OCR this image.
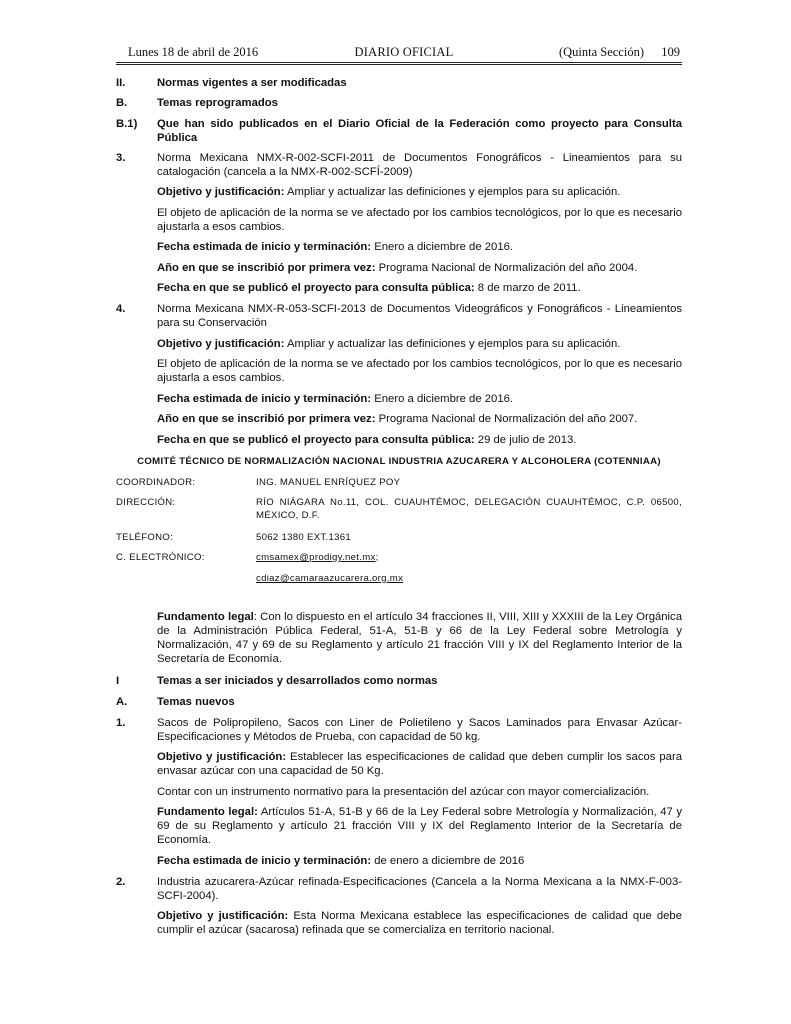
Lunes 18 de abril de 2016	DIARIO OFICIAL	(Quinta Sección) 109
II.	Normas vigentes a ser modificadas
B.	Temas reprogramados
B.1) Que han sido publicados en el Diario Oficial de la Federación como proyecto para Consulta Pública
3.	Norma Mexicana NMX-R-002-SCFI-2011 de Documentos Fonográficos - Lineamientos para su catalogación (cancela a la NMX-R-002-SCFÍ-2009)
Objetivo y justificación: Ampliar y actualizar las definiciones y ejemplos para su aplicación.
El objeto de aplicación de la norma se ve afectado por los cambios tecnológicos, por lo que es necesario ajustarla a esos cambios.
Fecha estimada de inicio y terminación: Enero a diciembre de 2016.
Año en que se inscribió por primera vez: Programa Nacional de Normalización del año 2004.
Fecha en que se publicó el proyecto para consulta pública: 8 de marzo de 2011.
4.	Norma Mexicana NMX-R-053-SCFI-2013 de Documentos Videográficos y Fonográficos - Lineamientos para su Conservación
Objetivo y justificación: Ampliar y actualizar las definiciones y ejemplos para su aplicación.
El objeto de aplicación de la norma se ve afectado por los cambios tecnológicos, por lo que es necesario ajustarla a esos cambios.
Fecha estimada de inicio y terminación: Enero a diciembre de 2016.
Año en que se inscribió por primera vez: Programa Nacional de Normalización del año 2007.
Fecha en que se publicó el proyecto para consulta pública: 29 de julio de 2013.
COMITÉ TÉCNICO DE NORMALIZACIÓN NACIONAL INDUSTRIA AZUCARERA Y ALCOHOLERA (COTENNIAA)
COORDINADOR:	ING. MANUEL ENRÍQUEZ POY
DIRECCIÓN:	RÍO NIÁGARA No.11, COL. CUAUHTÉMOC, DELEGACIÓN CUAUHTÉMOC, C.P. 06500, MÉXICO, D.F.
TELÉFONO:	5062 1380 EXT.1361
C. ELECTRÓNICO:	cmsamex@prodigy.net.mx;
cdiaz@camaraazucarera.org.mx
Fundamento legal: Con lo dispuesto en el artículo 34 fracciones II, VIII, XIII y XXXIII de la Ley Orgánica de la Administración Pública Federal, 51-A, 51-B y 66 de la Ley Federal sobre Metrología y Normalización, 47 y 69 de su Reglamento y artículo 21 fracción VIII y IX del Reglamento Interior de la Secretaría de Economía.
I	Temas a ser iniciados y desarrollados como normas
A.	Temas nuevos
1.	Sacos de Polipropileno, Sacos con Liner de Polietileno y Sacos Laminados para Envasar Azúcar-Especificaciones y Métodos de Prueba, con capacidad de 50 kg.
Objetivo y justificación: Establecer las especificaciones de calidad que deben cumplir los sacos para envasar azúcar con una capacidad de 50 Kg.
Contar con un instrumento normativo para la presentación del azúcar con mayor comercialización.
Fundamento legal: Artículos 51-A, 51-B y 66 de la Ley Federal sobre Metrología y Normalización, 47 y 69 de su Reglamento y artículo 21 fracción VIII y IX del Reglamento Interior de la Secretaría de Economía.
Fecha estimada de inicio y terminación: de enero a diciembre de 2016
2.	Industria azucarera-Azúcar refinada-Especificaciones (Cancela a la Norma Mexicana a la NMX-F-003-SCFI-2004).
Objetivo y justificación: Esta Norma Mexicana establece las especificaciones de calidad que debe cumplir el azúcar (sacarosa) refinada que se comercializa en territorio nacional.
